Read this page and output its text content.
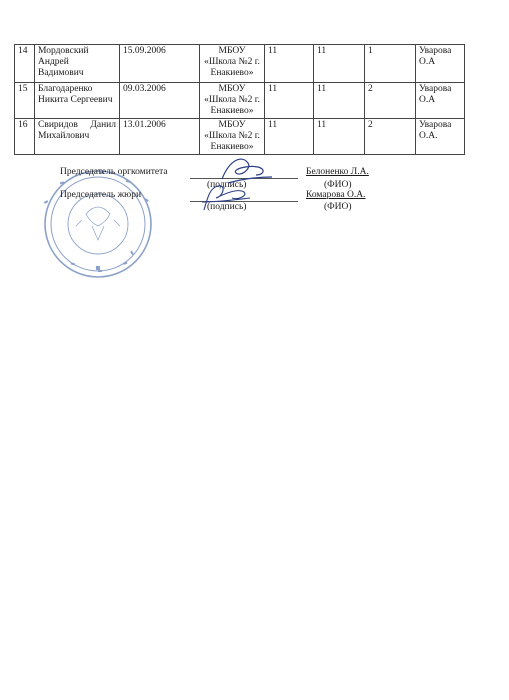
14	Мордовский Андрей Вадимович	15.09.2006	МБОУ «Школа №2 г. Енакиево»	11	11	1	Уварова О.А
15	Благодаренко Никита Сергеевич	09.03.2006	МБОУ «Школа №2 г. Енакиево»	11	11	2	Уварова О.А
16	Свиридов Данил Михайлович	13.01.2006	МБОУ «Школа №2 г. Енакиево»	11	11	2	Уварова О.А.
Председатель оргкомитета
(подпись)
Белоненко Л.А.
(ФИО)
Председатель жюри
(подпись)
Комарова О.А.
(ФИО)
